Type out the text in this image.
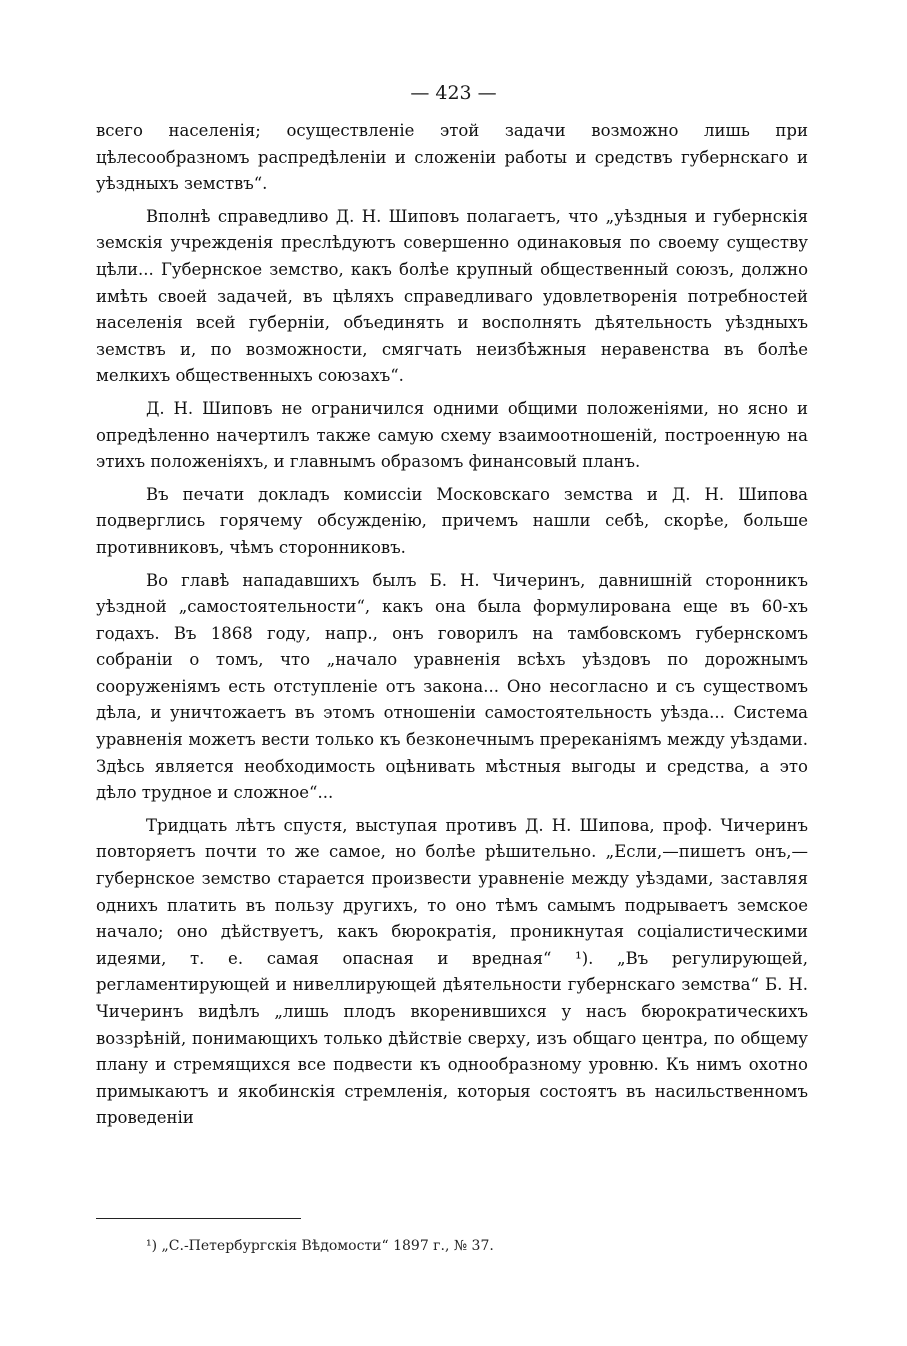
— 423 —

всего населенія; осуществленіе этой задачи возможно лишь при цѣлесообразномъ распредѣленіи и сложеніи работы и средствъ губернскаго и уѣздныхъ земствъ“.

Вполнѣ справедливо Д. Н. Шиповъ полагаетъ, что „уѣздныя и губернскія земскія учрежденія преслѣдуютъ совершенно одинаковыя по своему существу цѣли... Губернское земство, какъ болѣе крупный общественный союзъ, должно имѣть своей задачей, въ цѣляхъ справедливаго удовлетворенія потребностей населенія всей губерніи, объединять и восполнять дѣятельность уѣздныхъ земствъ и, по возможности, смягчать неизбѣжныя неравенства въ болѣе мелкихъ общественныхъ союзахъ“.

Д. Н. Шиповъ не ограничился одними общими положеніями, но ясно и опредѣленно начертилъ также самую схему взаимоотношеній, построенную на этихъ положеніяхъ, и главнымъ образомъ финансовый планъ.

Въ печати докладъ комиссіи Московскаго земства и Д. Н. Шипова подверглись горячему обсужденію, причемъ нашли себѣ, скорѣе, больше противниковъ, чѣмъ сторонниковъ.

Во главѣ нападавшихъ былъ Б. Н. Чичеринъ, давнишній сторонникъ уѣздной „самостоятельности“, какъ она была формулирована еще въ 60-хъ годахъ. Въ 1868 году, напр., онъ говорилъ на тамбовскомъ губернскомъ собраніи о томъ, что „начало уравненія всѣхъ уѣздовъ по дорожнымъ сооруженіямъ есть отступленіе отъ закона... Оно несогласно и съ существомъ дѣла, и уничтожаетъ въ этомъ отношеніи самостоятельность уѣзда... Система уравненія можетъ вести только къ безконечнымъ пререканіямъ между уѣздами. Здѣсь является необходимость оцѣнивать мѣстныя выгоды и средства, а это дѣло трудное и сложное“...

Тридцать лѣтъ спустя, выступая противъ Д. Н. Шипова, проф. Чичеринъ повторяетъ почти то же самое, но болѣе рѣшительно. „Если,—пишетъ онъ,—губернское земство старается произвести уравненіе между уѣздами, заставляя однихъ платить въ пользу другихъ, то оно тѣмъ самымъ подрываетъ земское начало; оно дѣйствуетъ, какъ бюрократія, проникнутая соціалистическими идеями, т. е. самая опасная и вредная“ ¹). „Въ регулирующей, регламентирующей и нивеллирующей дѣятельности губернскаго земства“ Б. Н. Чичеринъ видѣлъ „лишь плодъ вкоренившихся у насъ бюрократическихъ воззрѣній, понимающихъ только дѣйствіе сверху, изъ общаго центра, по общему плану и стремящихся все подвести къ однообразному уровню. Къ нимъ охотно примыкаютъ и якобинскія стремленія, которыя состоятъ въ насильственномъ проведеніи

¹) „С.-Петербургскія Вѣдомости“ 1897 г., № 37.
